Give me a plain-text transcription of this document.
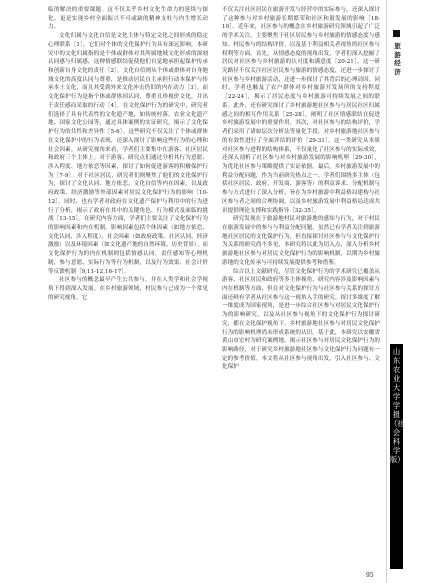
临的解决的重要课题。这不仅关乎乡村文化生命力的延续与探化，更是实现乡村全面振兴不可或缺的精神支柱与内生增长动力。

文化归属与文化自信是文化主体与特定文化之间形成的稳定心理联系［1］，它们对个体的文化保护行为具有深远影响。本研究中的文化归属指的是个体或群体对其所属地域文化形成的深刻认同感与归属感，这种情感联结促使他们自觉地承担起保护传承和创新自身文化的责任［2］。文化自信则从个体或群体对自身地域文化的高度认同与尊重，是推动居民自主承担行动本保护与传承本土文化，而且其受到外来文化冲击仍旧的内在动力［3］。而文化保护行为是指个体或群体因认同，尊重且珍视价文化，并出于责任感而采取的行动［4］。在文化保护行为的研究中，研究者们选择了具有代表性的文化遗产地，如传统村落、农业文化遗产地、国家文化公园等，通过具体案例的实证研究，揭示了文化保护行为的共性和差异性［5-6］。这些研究不仅关注了个体或群体在文化保护中的行为表现，还深入探讨了影响这些行为的心理和社会因素。从研究视角来看，学者们主要集中在游客、社区居民和政府三个主体上。对于游客，研究点们通过分析其行为意愿、涉入程度、地方依恋等因素，探讨了如何促进游客的积极保护行为［7-9］。对于社区居民，研究者们则聚焦了他们的文化保护行为，探讨了文化认同、地方依恋、文化自信等内在因素，以及政府政策、经济激励等外部因素对居民文化保护行为的影响［10-12］。同时，也有学者对政府在文化遗产保护与利用中的行为进行了分析，揭示了政府在其中的关键角色、行为模式及面临的挑战［13-15］。在研究内容方面，学者们主要关注了文化保护行为的影响因素和内在机制。影响因素包括个体因素（如地方依恋、文化认同、涉入程度）、社会因素（如政府政策、社区认同、经济激励）以及环境因素（如文化遗产地的自然环境、历史背景）。而文化保护行为的内在机制则包括情感认同、责任感知等心理机制，参与意愿、实际行为等行为机制，以及行为效果、社会计价等反馈机制［9,11-12,16-17］。

社区参与的概念最早产生公共参与，并在人类学和社会学视角下得到深入发展。在乡村旅游领域，村民参与已成为一个常见的研究视角，它

不仅关注社区居民在旅游开发与经营中的实际参与，还深入探讨了这种参与对乡村旅游长期繁荣和社区和谐发展的影响［18-19］。近年来，社区参与的概念在乡村旅游研究领域引起了广泛的学术关注，主要聚焦于社区居民参与乡村旅游的情感态度与感知、村民参与的结构评价，以及基于利益相关者视角的社区参与权利等方面。首先，从情感态度的视角出发，学者们深入挖掘了居民对社区参与乡村旅游的认可度和满意度［20-21］，这一研究路径不仅关注社区居民参与旅游的情感态度，还进一步探讨了社区参与乡村旅游活动，还进一步探讨了其背后的心理动因。同时，学者也触及了农户群体对乡村旅游开发场所的支持程度［22-24］，揭示了居民态度与乡村旅游可持续发展之间的联系。此外，还有研究探讨了乡村旅游地社区参与与居民社区归属感之间的相互作用关系［25-28］，阐明了社区情感联结在促进乡村旅游发展中的重要作用。其次，对社区参与的结构评价，学者们采用了诸如层次分析法等量化手段，对乡村旅游地社区参与的有效性进行了全面评估的评价［29-31］。这一类研究从本质对社区参与进程的结构体系，不仅量化了社区参与的实际成效，还深入剖析了社区参与对乡村旅游发展的影响机理［29-30］，为优化社区参与策略提供了实证依据。最后，乡村旅游发展中的利益分配问题，作为当前研究热点之一，学者们围绕多主体（包括社区居民、政府、开发商、游客等）的利益诉求、分配机制与参与方式进行了深入分析，旨在为乡村旅游中利益格局建构与社区参与者之间的合理协调，以及乡村旅游发展中利益格局达成共识提供理论支撑和实践指导［32-35］。

研究发现在于旅游地村民对旅游地的感知与行为，对于村民在旅游发展中的参与与利益分配问题，虽然已有学者关注到旅游地社区居民的文化保护行为，但直接探讨社区参与与文化保护行为关系的研究尚不多见，本研究将以此为切入点，深入分析乡村旅游地社区参与对居民文化保护行为的影响机制，以期为乡村旅游地的文化传承与可持续发展提供参考和借鉴。

综合以上文献研究，尽管文化保护行为的学术研究已覆盖从游客、社区居民和政府等多主体视角，研究内容涉及影响因素与内在机制等方面，但在对文化保护行为与社区参与关系的探讨方面还鲜有学者从社区参与这一视角入手的研究。探讨多维度了解一维度成为国家视角，是进一步综合社区参与对居民文化保护行为的影响研究，以及从社区参与视角下的文化保护行为探讨研究，都在文化保护视角下，乡村旅游地社区参与对居民文化保护行为的影响机理尚未形成系统的认识。基于此，本研究以安徽省黄山市宏村为研究案例地，揭示社区参与对居民文化保护行为的影响路径，对于研究乡村旅游地社区参与文化保护行为问题有一定的参考价值。本文将从社区参与视角出发，引入社区参与、文化保护

旅游经济
山东农业大学学报（社会科学版）
95
